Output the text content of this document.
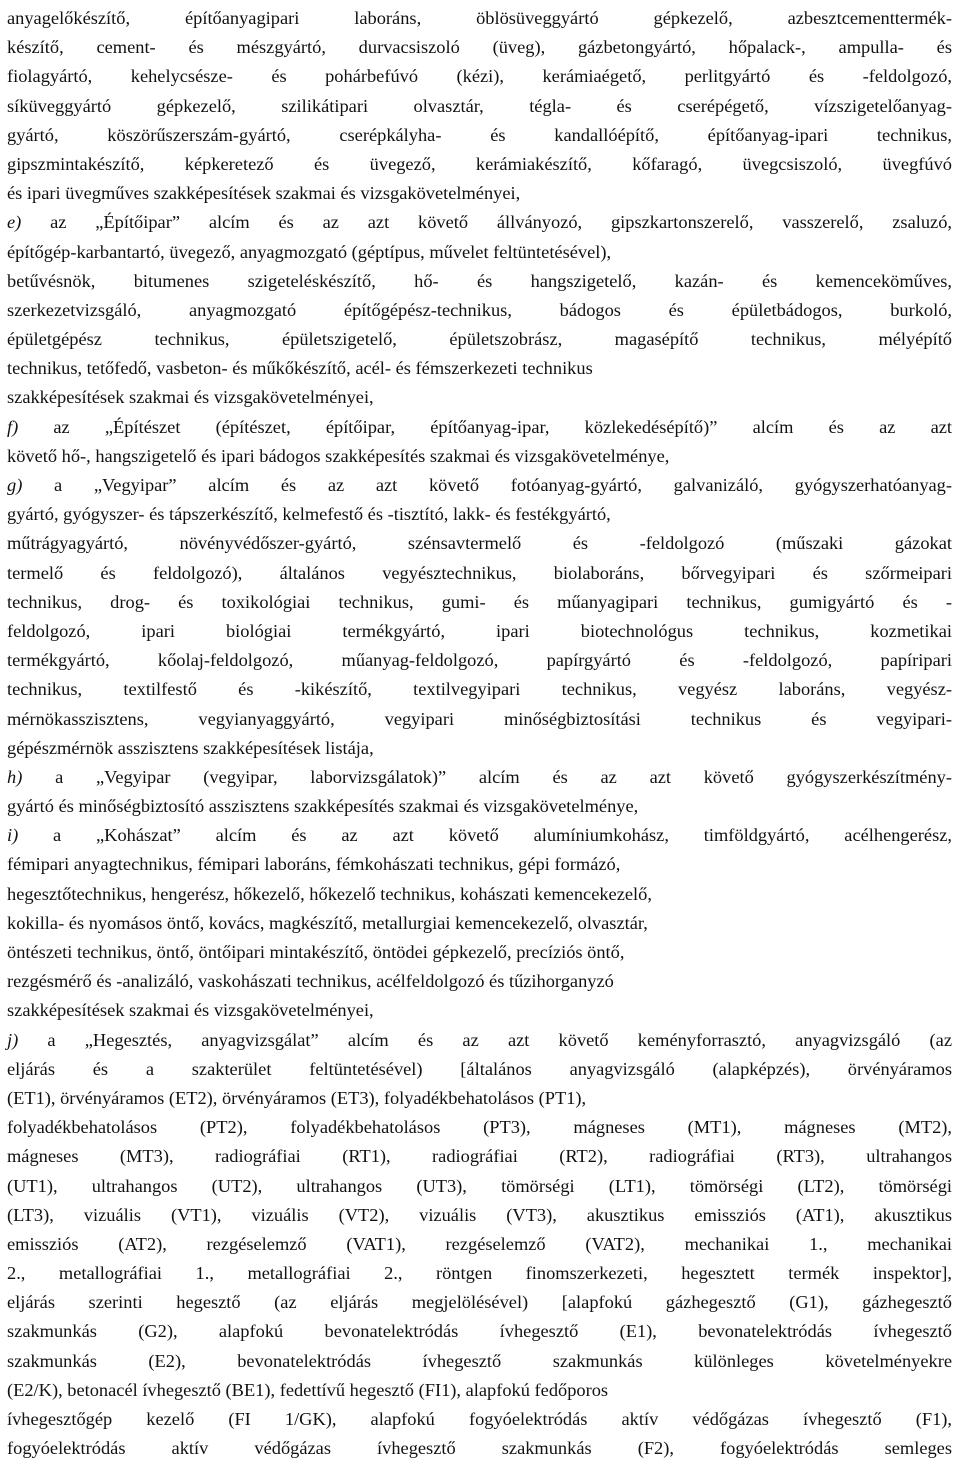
anyagelőkészítő, építőanyagipari laboráns, öblösüveggyártó gépkezelő, azbesztcementtermék-
készítő, cement- és mészgyártó, durvacsiszoló (üveg), gázbetongyártó, hőpalack-, ampulla- és
fiolagyártó, kehelycsésze- és pohárbefúvó (kézi), kerámiaégető, perlitgyártó és -feldolgozó,
síküveggyártó gépkezelő, szilikátipari olvasztár, tégla- és cserépégető, vízszigetelőanyag-
gyártó, köszörűszerszám-gyártó, cserépkályha- és kandallóépítő, építőanyag-ipari technikus,
gipszmintakészítő, képkeretező és üvegező, kerámiakészítő, kőfaragó, üvegcsiszoló, üvegfúvó
és ipari üvegműves szakképesítések szakmai és vizsgakövetelményei,
e) az „Építőipar” alcím és az azt követő állványozó, gipszkartonszerelő, vasszerelő, zsaluzó,
építőgép-karbantartó, üvegező, anyagmozgató (géptípus, művelet feltüntetésével),
betűvésnök, bitumenes szigeteléskészítő, hő- és hangszigetelő, kazán- és kemenceköműves,
szerkezetvizsgáló, anyagmozgató építőgépész-technikus, bádogos és épületbádogos, burkoló,
épületgépész technikus, épületszigetelő, épületszobrász, magasépítő technikus, mélyépítő
technikus, tetőfedő, vasbeton- és műkőkészítő, acél- és fémszerkezeti technikus
szakképesítések szakmai és vizsgakövetelményei,
f) az „Építészet (építészet, építőipar, építőanyag-ipar, közlekedésépítő)” alcím és az azt
követő hő-, hangszigetelő és ipari bádogos szakképesítés szakmai és vizsgakövetelménye,
g) a „Vegyipar” alcím és az azt követő fotóanyag-gyártó, galvanizáló, gyógyszerhatóanyag-
gyártó, gyógyszer- és tápszerkészítő, kelmefestő és -tisztító, lakk- és festékgyártó,
műtrágyagyártó, növényvédőszer-gyártó, szénsavtermelő és -feldolgozó (műszaki gázokat
termelő és feldolgozó), általános vegyésztechnikus, biolaboráns, bőrvegyipari és szőrmeipari
technikus, drog- és toxikológiai technikus, gumi- és műanyagipari technikus, gumigyártó és -
feldolgozó, ipari biológiai termékgyártó, ipari biotechnológus technikus, kozmetikai
termékgyártó, kőolaj-feldolgozó, műanyag-feldolgozó, papírgyártó és -feldolgozó, papíripari
technikus, textilfestő és -kikészítő, textilvegyipari technikus, vegyész laboráns, vegyész-
mérnökasszisztens, vegyianyaggyártó, vegyipari minőségbiztosítási technikus és vegyipari-
gépészmérnök asszisztens szakképesítések listája,
h) a „Vegyipar (vegyipar, laborvizsgálatok)” alcím és az azt követő gyógyszerkészítmény-
gyártó és minőségbiztosító asszisztens szakképesítés szakmai és vizsgakövetelménye,
i) a „Kohászat” alcím és az azt követő alumíniumkohász, timföldgyártó, acélhengerész,
fémipari anyagtechnikus, fémipari laboráns, fémkohászati technikus, gépi formázó,
hegesztőtechnikus, hengerész, hőkezelő, hőkezelő technikus, kohászati kemencekezelő,
kokilla- és nyomásos öntő, kovács, magkészítő, metallurgiai kemencekezelő, olvasztár,
öntészeti technikus, öntő, öntőipari mintakészítő, öntödei gépkezelő, precíziós öntő,
rezgésmérő és -analizáló, vaskohászati technikus, acélfeldolgozó és tűzihorganyzó
szakképesítések szakmai és vizsgakövetelményei,
j) a „Hegesztés, anyagvizsgálat” alcím és az azt követő keményforrasztó, anyagvizsgáló (az
eljárás és a szakterület feltüntetésével) [általános anyagvizsgáló (alapképzés), örvényáramos
(ET1), örvényáramos (ET2), örvényáramos (ET3), folyadékbehatolásos (PT1),
folyadékbehatolásos (PT2), folyadékbehatolásos (PT3), mágneses (MT1), mágneses (MT2),
mágneses (MT3), radiográfiai (RT1), radiográfiai (RT2), radiográfiai (RT3), ultrahangos
(UT1), ultrahangos (UT2), ultrahangos (UT3), tömörségi (LT1), tömörségi (LT2), tömörségi
(LT3), vizuális (VT1), vizuális (VT2), vizuális (VT3), akusztikus emissziós (AT1), akusztikus
emissziós (AT2), rezgéselemző (VAT1), rezgéselemző (VAT2), mechanikai 1., mechanikai
2., metallográfiai 1., metallográfiai 2., röntgen finomszerkezeti, hegesztett termék inspektor],
eljárás szerinti hegesztő (az eljárás megjelölésével) [alapfokú gázhegesztő (G1), gázhegesztő
szakmunkás (G2), alapfokú bevonatelektródás ívhegesztő (E1), bevonatelektródás ívhegesztő
szakmunkás (E2), bevonatelektródás ívhegesztő szakmunkás különleges követelményekre
(E2/K), betonacél ívhegesztő (BE1), fedettívű hegesztő (FI1), alapfokú fedőporos
ívhegesztőgép kezelő (FI 1/GK), alapfokú fogyóelektródás aktív védőgázas ívhegesztő (F1),
fogyóelektródás aktív védőgázas ívhegesztő szakmunkás (F2), fogyóelektródás semleges
